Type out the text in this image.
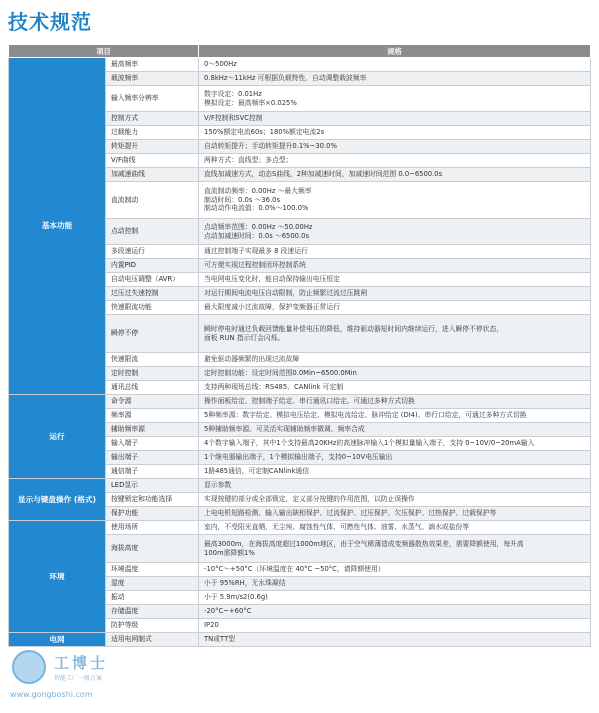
技术规范
项目		规格
基本功能	最高频率	0～500Hz

	载波频率	0.8kHz～11kHz 可根据负载特性，自动调整载波频率

	输入频率分辨率	数字设定：0.01Hz
模拟设定：最高频率×0.025%

	控制方式	V/F控制和SVC控制

	过载能力	150%额定电流60s；180%额定电流2s

	转矩提升	自动转矩提升；手动转矩提升0.1%~30.0%

	V/F曲线	两种方式：直线型；多点型；

	加减速曲线	直线加减速方式，动态S曲线，2种加减速时间，加减速时间范围 0.0~6500.0s

	直流制动	直流制动频率：0.00Hz ～最大频率
制动时间：0.0s ～36.0s
制动动作电流值：0.0%～100.0%

	点动控制	点动频率范围：0.00Hz ～50.00Hz
点动加减速时间：0.0s ～6500.0s

	多段速运行	通过控制端子实现最多 8 段速运行

	内置PID	可方便实现过程控制闭环控制系统

	自动电压调整（AVR）	当电网电压变化时，能自动保持输出电压恒定

	过压过失速控制	对运行期间电流电压自动限制，防止频繁过流过压跳闸

	快速限流功能	最大限度减小过流故障，保护变频器正常运行

	瞬停不停	瞬时停电时通过负载回馈能量补偿电压的降低，维持驱动器短时间内继续运行，进入瞬停不停状态，
面板 RUN 指示灯会闪烁。

	快速限流	避免驱动器频繁的出现过流故障

	定时控制	定时控制功能：设定时间范围0.0Min~6500.0Min

	通讯总线	支持两种现场总线：RS485、CANlink 可定制

运行	命令源	操作面板给定、控制端子给定、串行通讯口给定。可通过多种方式切换

	频率源	5种频率源：数字给定、模拟电压给定、模拟电流给定、脉冲给定 (DI4)、串行口给定，可通过多种方式切换

	辅助频率源	5种辅助频率源。可灵活实现辅助频率微调、频率合成

	输入端子	4个数字输入端子，其中1个支持最高20KHz的高速脉冲输入1个模拟量输入端子，支持 0~10V/0~20mA输入

	输出端子	1个继电器输出端子，1个模拟输出端子，支持0~10V电压输出

	通信端子	1路485通信，可定制CANlink通信

显示与键盘操作 (格式)	LED显示	显示参数

	按键锁定和功能选择	实现按键的部分或全部锁定，定义部分按键的作用范围，以防止误操作

	保护功能	上电电机短路检测、输入输出缺相保护、过流保护、过压保护、欠压保护、过热保护、过载保护等

环境	使用场所	室内，不受阳光直晒，无尘埃、腐蚀性气体、可燃性气体、油雾、水蒸气、滴水或盐份等

	海拔高度	最高3000m，在海拔高度超过1000m地区，由于空气稀薄造成变频器散热效果差，需要降额使用，每升高
100m需降额1%

	环境温度	-10°C～+50°C（环境温度在 40°C ~50°C，请降额使用）

	湿度	小于 95%RH，无水珠凝结

	振动	小于 5.9m/s2(0.6g)

	存储温度	-20°C~+60°C

	防护等级	IP20

电网	适用电网制式	TN或TT型
工博士
智能工厂一般方案
www.gongboshi.com
